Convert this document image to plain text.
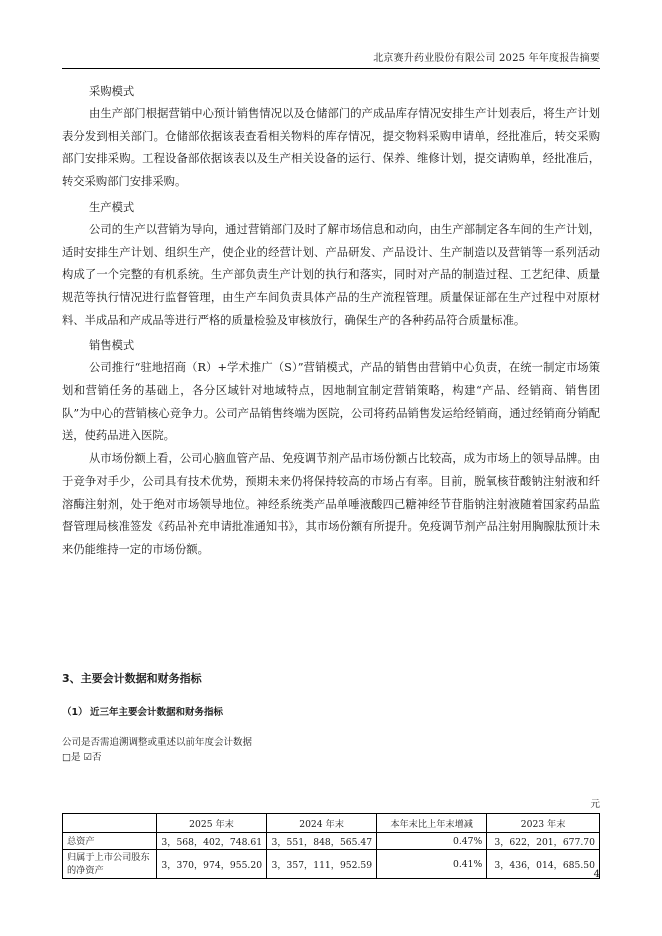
北京赛升药业股份有限公司 2025 年年度报告摘要

采购模式

由生产部门根据营销中心预计销售情况以及仓储部门的产成品库存情况安排生产计划表后，将生产计划表分发到相关部门。仓储部依据该表查看相关物料的库存情况，提交物料采购申请单，经批准后，转交采购部门安排采购。工程设备部依据该表以及生产相关设备的运行、保养、维修计划，提交请购单，经批准后，转交采购部门安排采购。

生产模式

公司的生产以营销为导向，通过营销部门及时了解市场信息和动向，由生产部制定各车间的生产计划，适时安排生产计划、组织生产，使企业的经营计划、产品研发、产品设计、生产制造以及营销等一系列活动构成了一个完整的有机系统。生产部负责生产计划的执行和落实，同时对产品的制造过程、工艺纪律、质量规范等执行情况进行监督管理，由生产车间负责具体产品的生产流程管理。质量保证部在生产过程中对原材料、半成品和产成品等进行严格的质量检验及审核放行，确保生产的各种药品符合质量标准。

销售模式

公司推行“驻地招商（R）+学术推广（S）”营销模式，产品的销售由营销中心负责，在统一制定市场策划和营销任务的基础上，各分区域针对地域特点，因地制宜制定营销策略，构建“产品、经销商、销售团队”为中心的营销核心竞争力。公司产品销售终端为医院，公司将药品销售发运给经销商，通过经销商分销配送，使药品进入医院。

从市场份额上看，公司心脑血管产品、免疫调节剂产品市场份额占比较高，成为市场上的领导品牌。由于竞争对手少，公司具有技术优势，预期未来仍将保持较高的市场占有率。目前，脱氧核苷酸钠注射液和纤溶酶注射剂，处于绝对市场领导地位。神经系统类产品单唾液酸四己糖神经节苷脂钠注射液随着国家药品监督管理局核准签发《药品补充申请批准通知书》，其市场份额有所提升。免疫调节剂产品注射用胸腺肽预计未来仍能维持一定的市场份额。

3、主要会计数据和财务指标
（1） 近三年主要会计数据和财务指标
公司是否需追溯调整或重述以前年度会计数据
□是 ☑否
元
	2025 年末	2024 年末	本年末比上年末增减	2023 年末
总资产	3，568，402，748.61	3，551，848，565.47	0.47%	3，622，201，677.70
归属于上市公司股东的净资产	3，370，974，955.20	3，357，111，952.59	0.41%	3，436，014，685.50
4
